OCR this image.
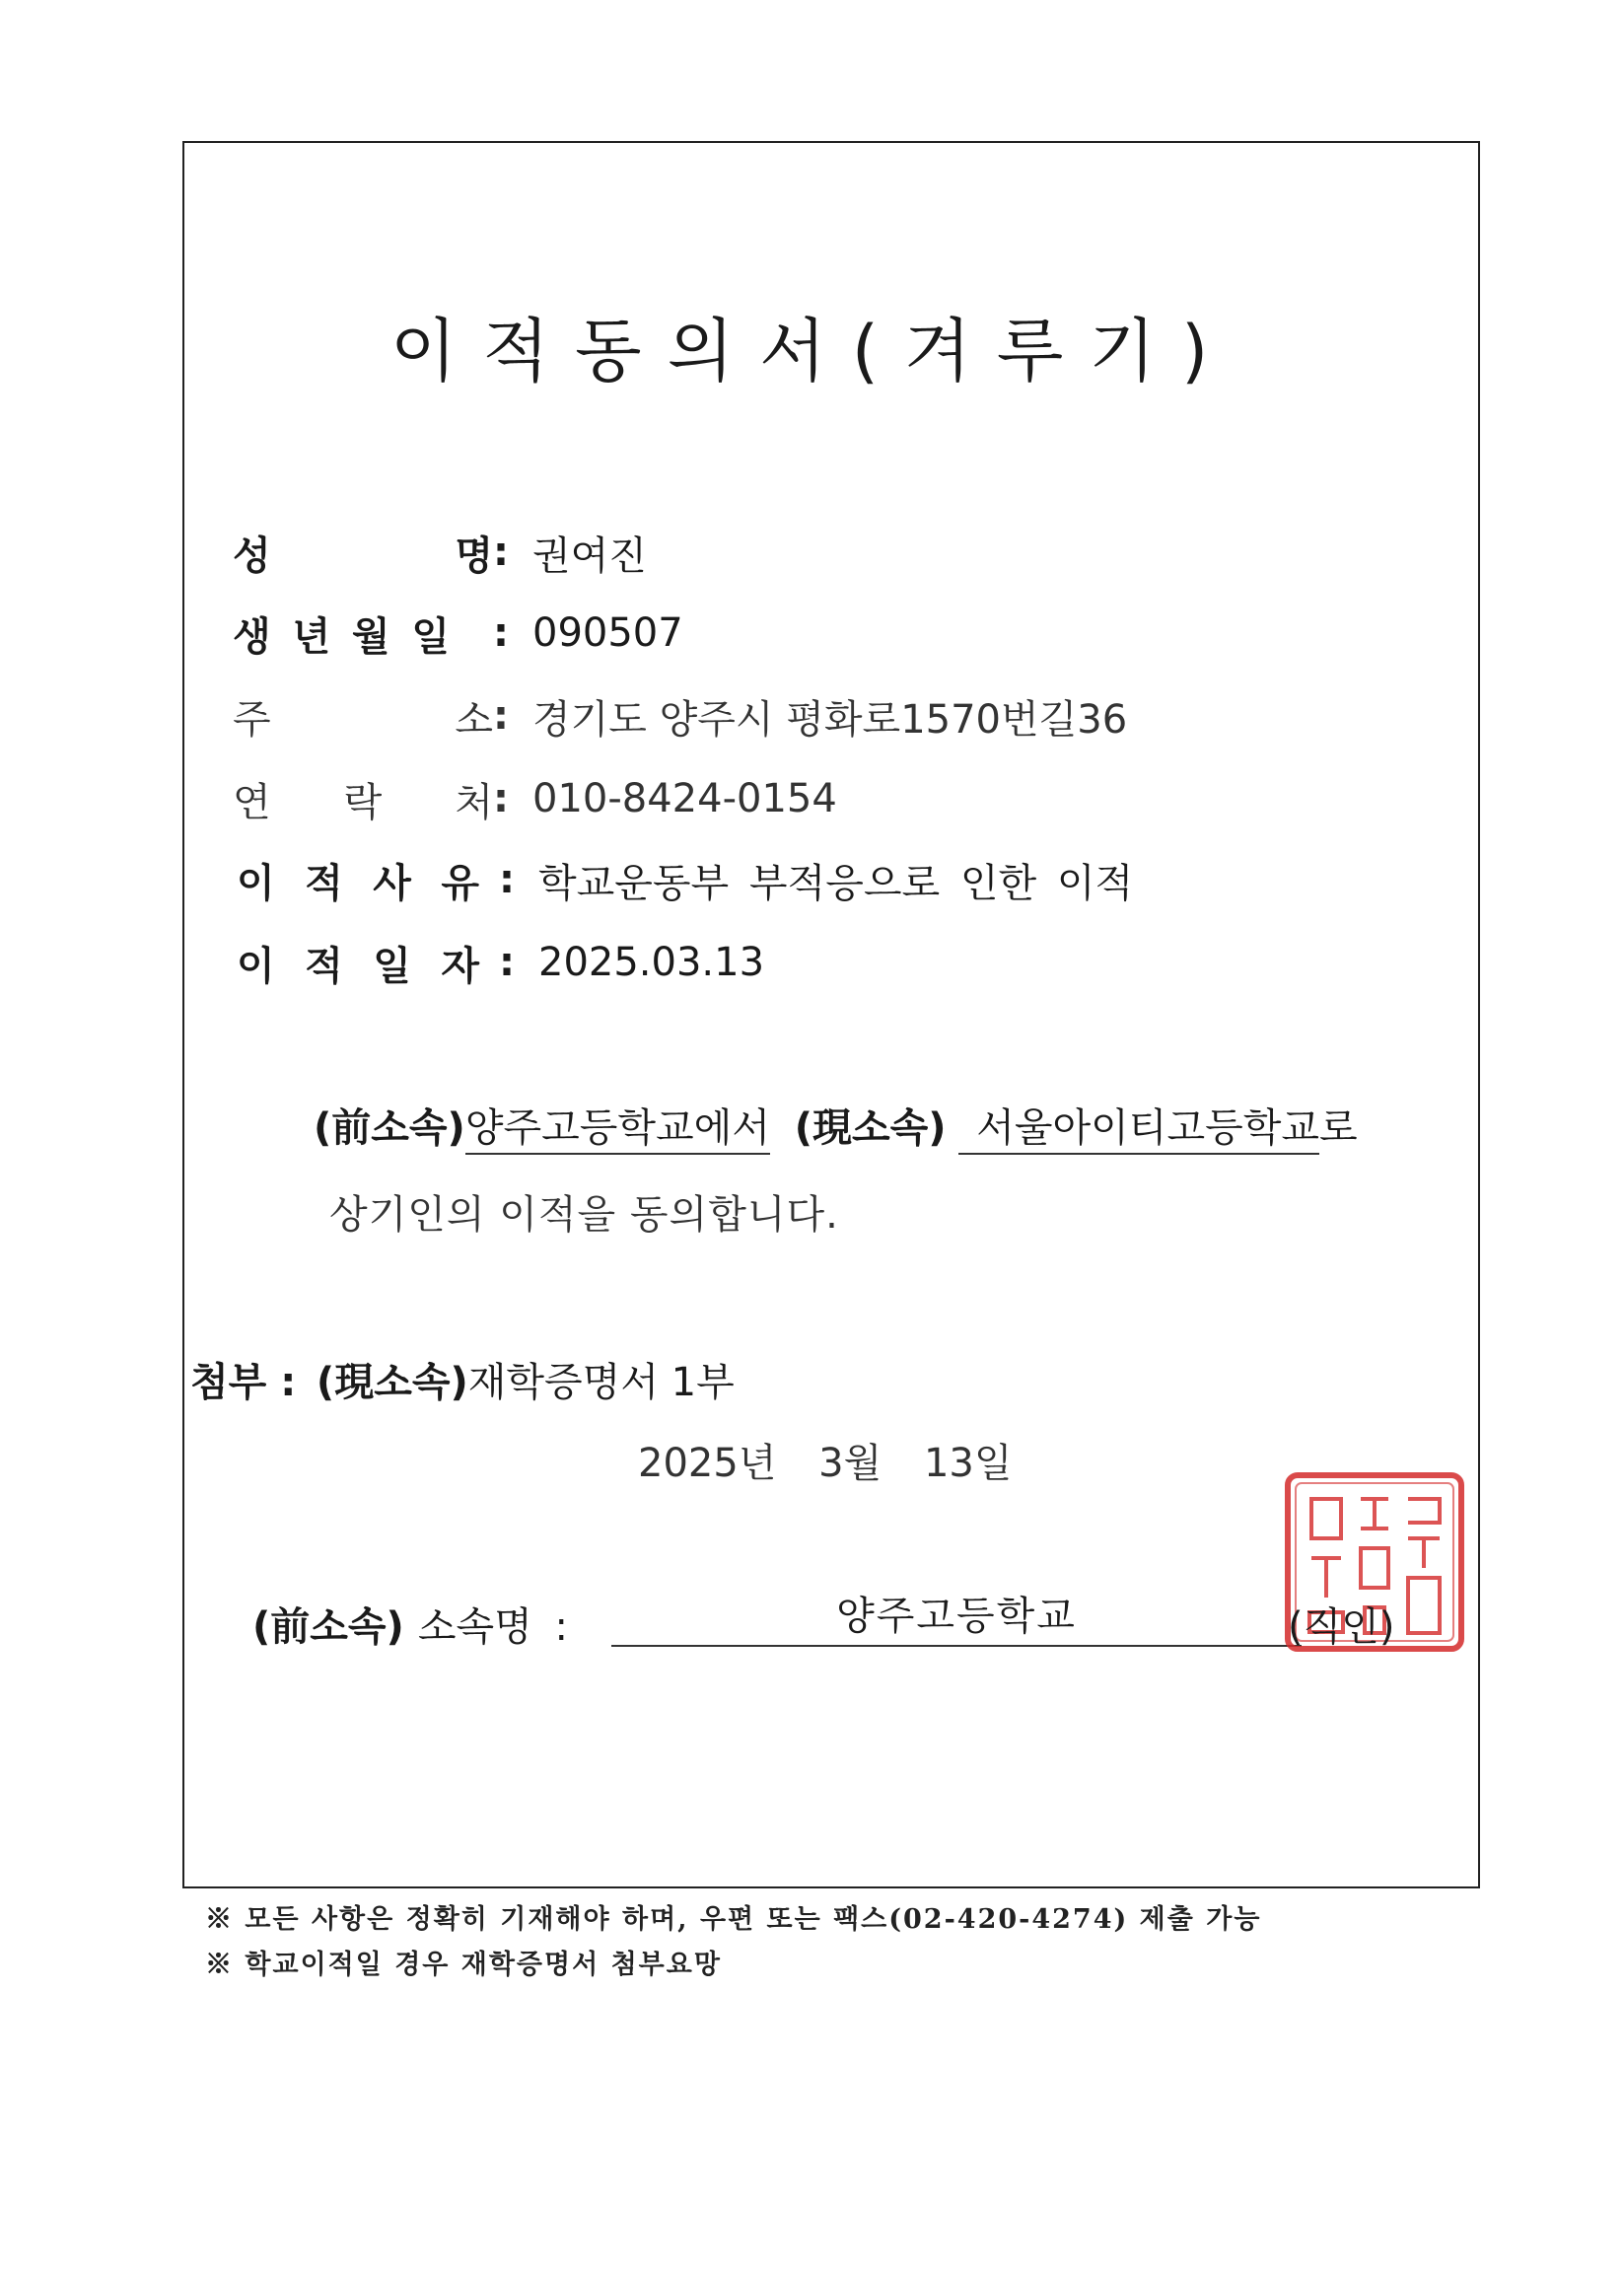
이적동의서(겨루기)
성	명 : 권여진
생 년 월 일 : 090507
주	소 : 경기도 양주시 평화로1570번길36
연 락 처 : 010-8424-0154
이 적 사 유 : 학교운동부 부적응으로 인한 이적
이 적 일 자 : 2025.03.13
(前소속)양주고등학교에서 (現소속) 서울아이티고등학교로
상기인의 이적을 동의합니다.
첨부 : (現소속)재학증명서 1부
2025년 3월 13일
(前소속) 소속명 :	양주고등학교	(직인)
※ 모든 사항은 정확히 기재해야 하며, 우편 또는 팩스(02-420-4274) 제출 가능
※ 학교이적일 경우 재학증명서 첨부요망
